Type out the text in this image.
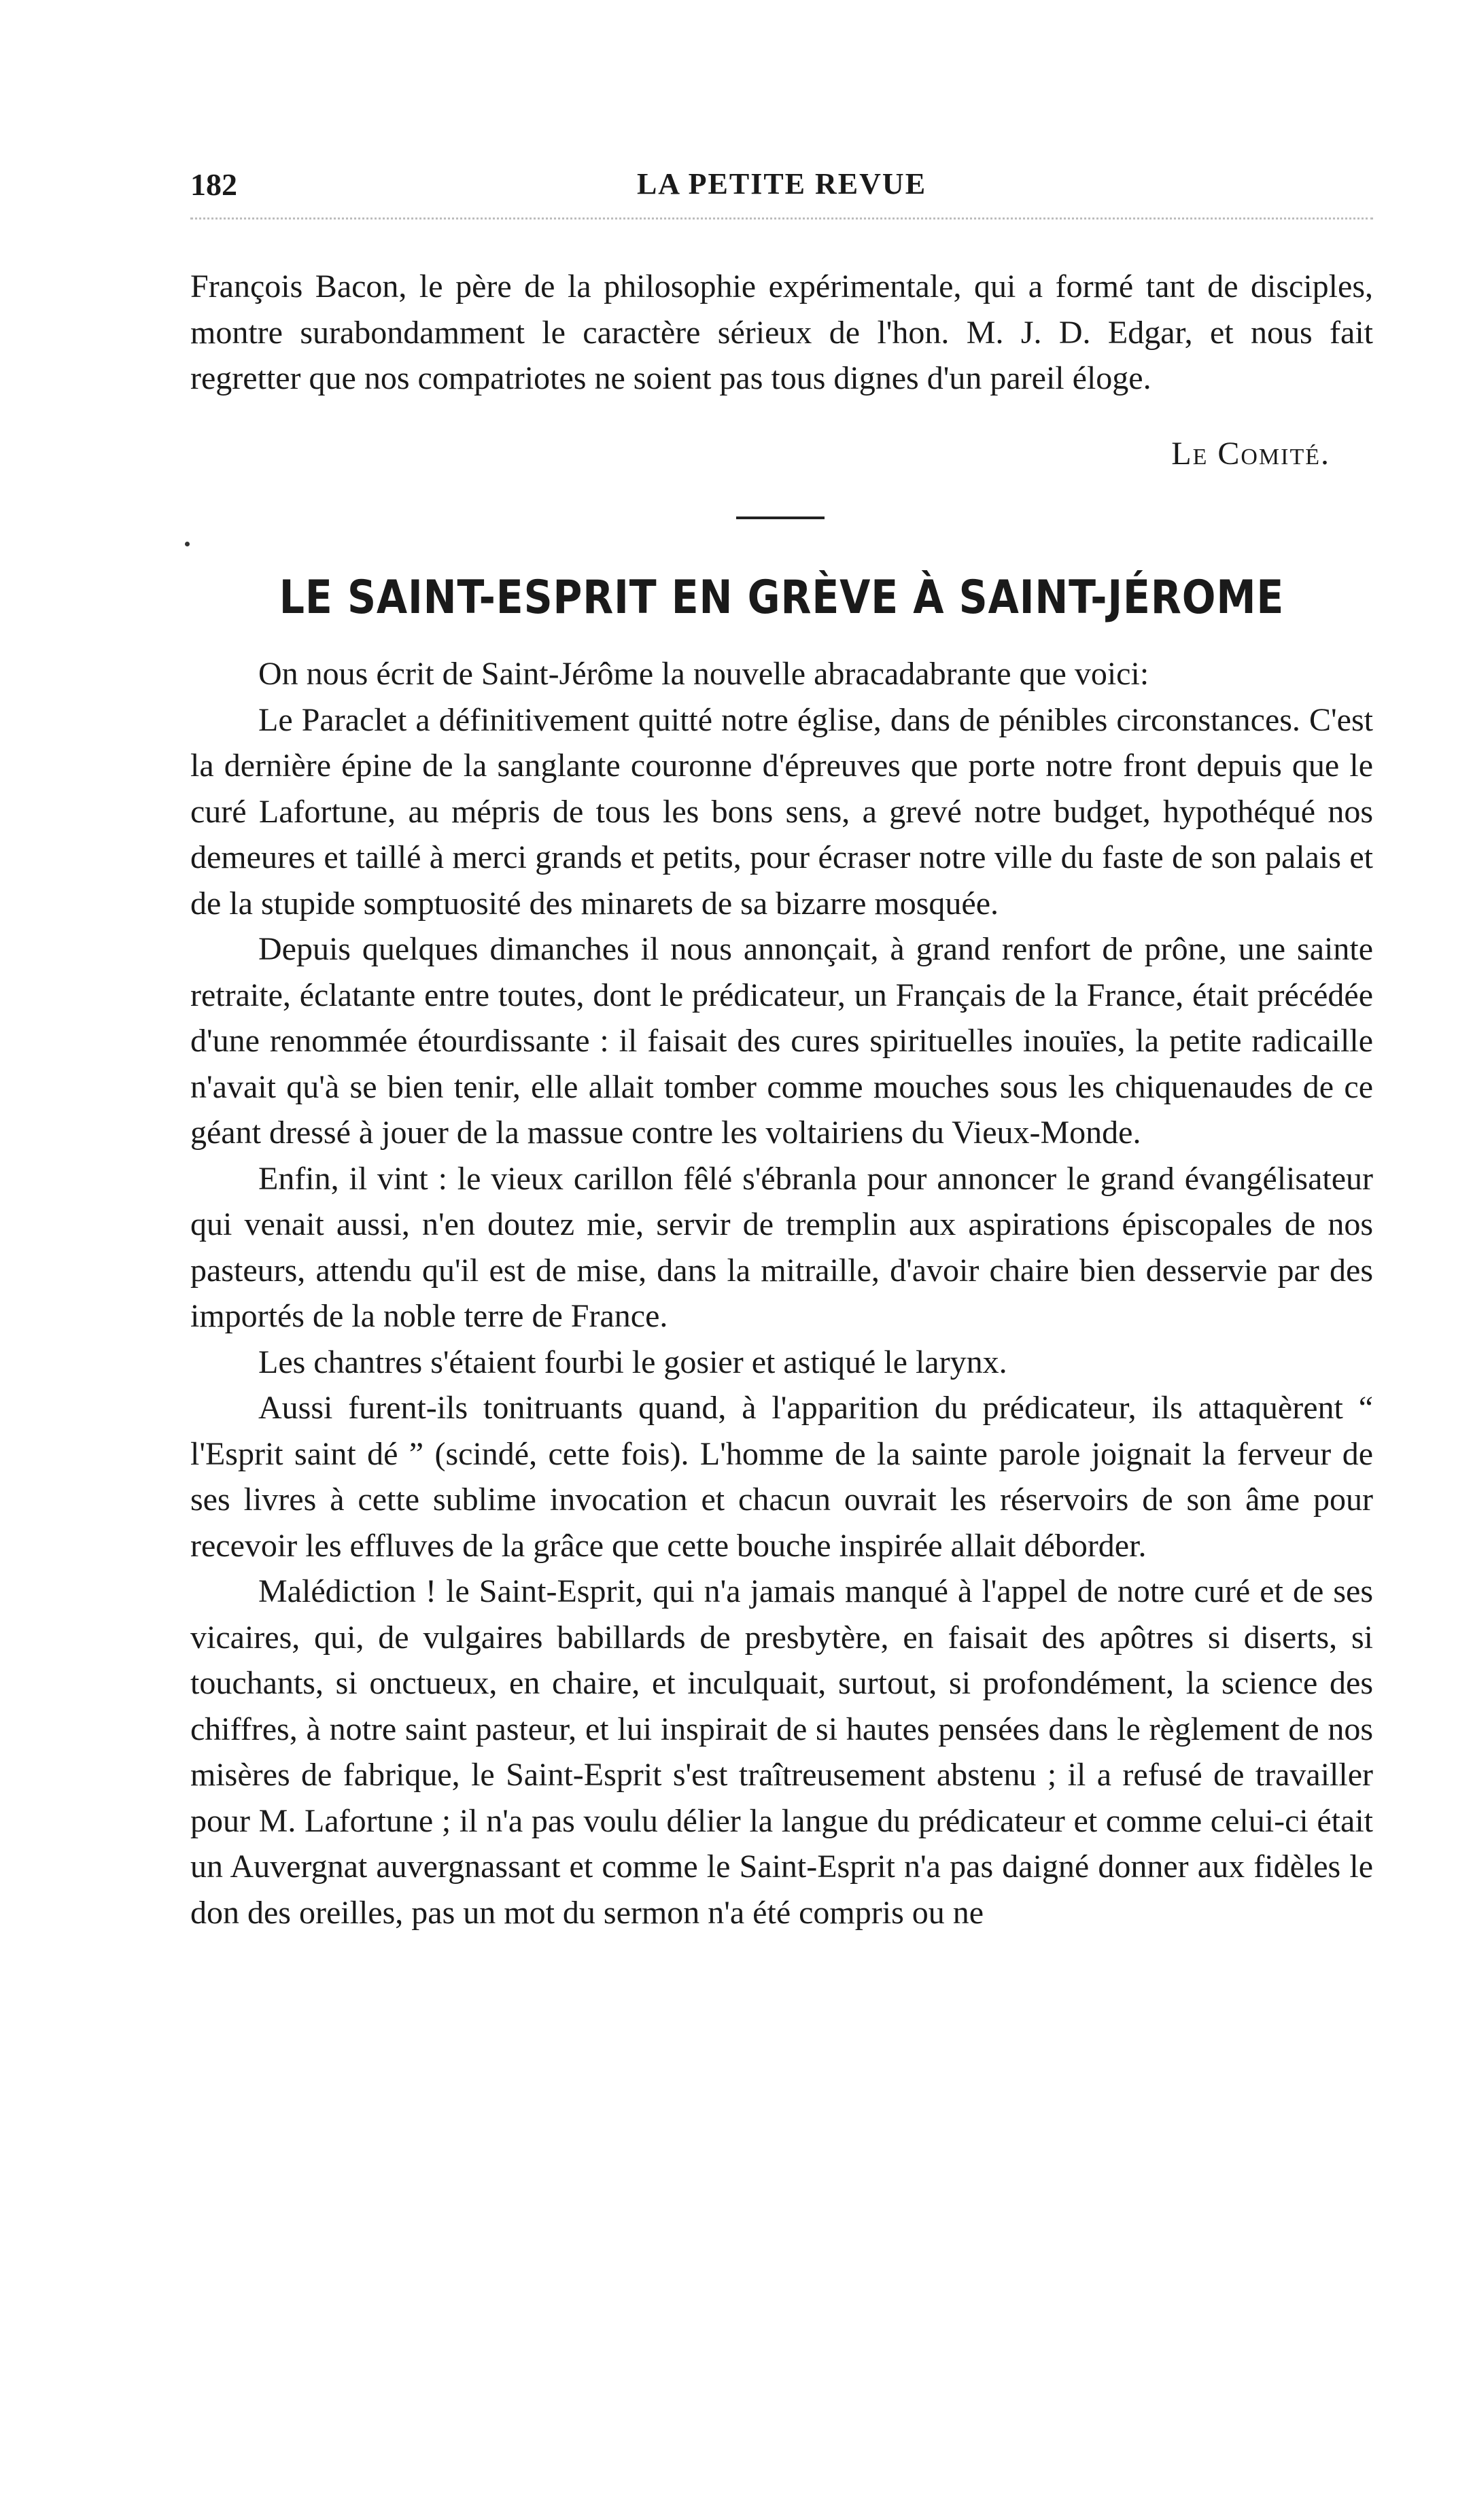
182	LA PETITE REVUE

François Bacon, le père de la philosophie expérimentale, qui a formé tant de disciples, montre surabondamment le caractère sérieux de l'hon. M. J. D. Edgar, et nous fait regretter que nos compatriotes ne soient pas tous dignes d'un pareil éloge.

Le Comité.
LE SAINT-ESPRIT EN GRÈVE À SAINT-JÉROME

On nous écrit de Saint-Jérôme la nouvelle abracadabrante que voici:

Le Paraclet a définitivement quitté notre église, dans de pénibles circonstances. C'est la dernière épine de la sanglante couronne d'épreuves que porte notre front depuis que le curé Lafortune, au mépris de tous les bons sens, a grevé notre budget, hypothéqué nos demeures et taillé à merci grands et petits, pour écraser notre ville du faste de son palais et de la stupide somptuosité des minarets de sa bizarre mosquée.

Depuis quelques dimanches il nous annonçait, à grand renfort de prône, une sainte retraite, éclatante entre toutes, dont le prédicateur, un Français de la France, était précédée d'une renommée étourdissante : il faisait des cures spirituelles inouïes, la petite radicaille n'avait qu'à se bien tenir, elle allait tomber comme mouches sous les chiquenaudes de ce géant dressé à jouer de la massue contre les voltairiens du Vieux-Monde.

Enfin, il vint : le vieux carillon fêlé s'ébranla pour annoncer le grand évangélisateur qui venait aussi, n'en doutez mie, servir de tremplin aux aspirations épiscopales de nos pasteurs, attendu qu'il est de mise, dans la mitraille, d'avoir chaire bien desservie par des importés de la noble terre de France.

Les chantres s'étaient fourbi le gosier et astiqué le larynx.

Aussi furent-ils tonitruants quand, à l'apparition du prédicateur, ils attaquèrent “ l'Esprit saint dé ” (scindé, cette fois). L'homme de la sainte parole joignait la ferveur de ses livres à cette sublime invocation et chacun ouvrait les réservoirs de son âme pour recevoir les effluves de la grâce que cette bouche inspirée allait déborder.

Malédiction ! le Saint-Esprit, qui n'a jamais manqué à l'appel de notre curé et de ses vicaires, qui, de vulgaires babillards de presbytère, en faisait des apôtres si diserts, si touchants, si onctueux, en chaire, et inculquait, surtout, si profondément, la science des chiffres, à notre saint pasteur, et lui inspirait de si hautes pensées dans le règlement de nos misères de fabrique, le Saint-Esprit s'est traîtreusement abstenu ; il a refusé de travailler pour M. Lafortune ; il n'a pas voulu délier la langue du prédicateur et comme celui-ci était un Auvergnat auvergnassant et comme le Saint-Esprit n'a pas daigné donner aux fidèles le don des oreilles, pas un mot du sermon n'a été compris ou ne
